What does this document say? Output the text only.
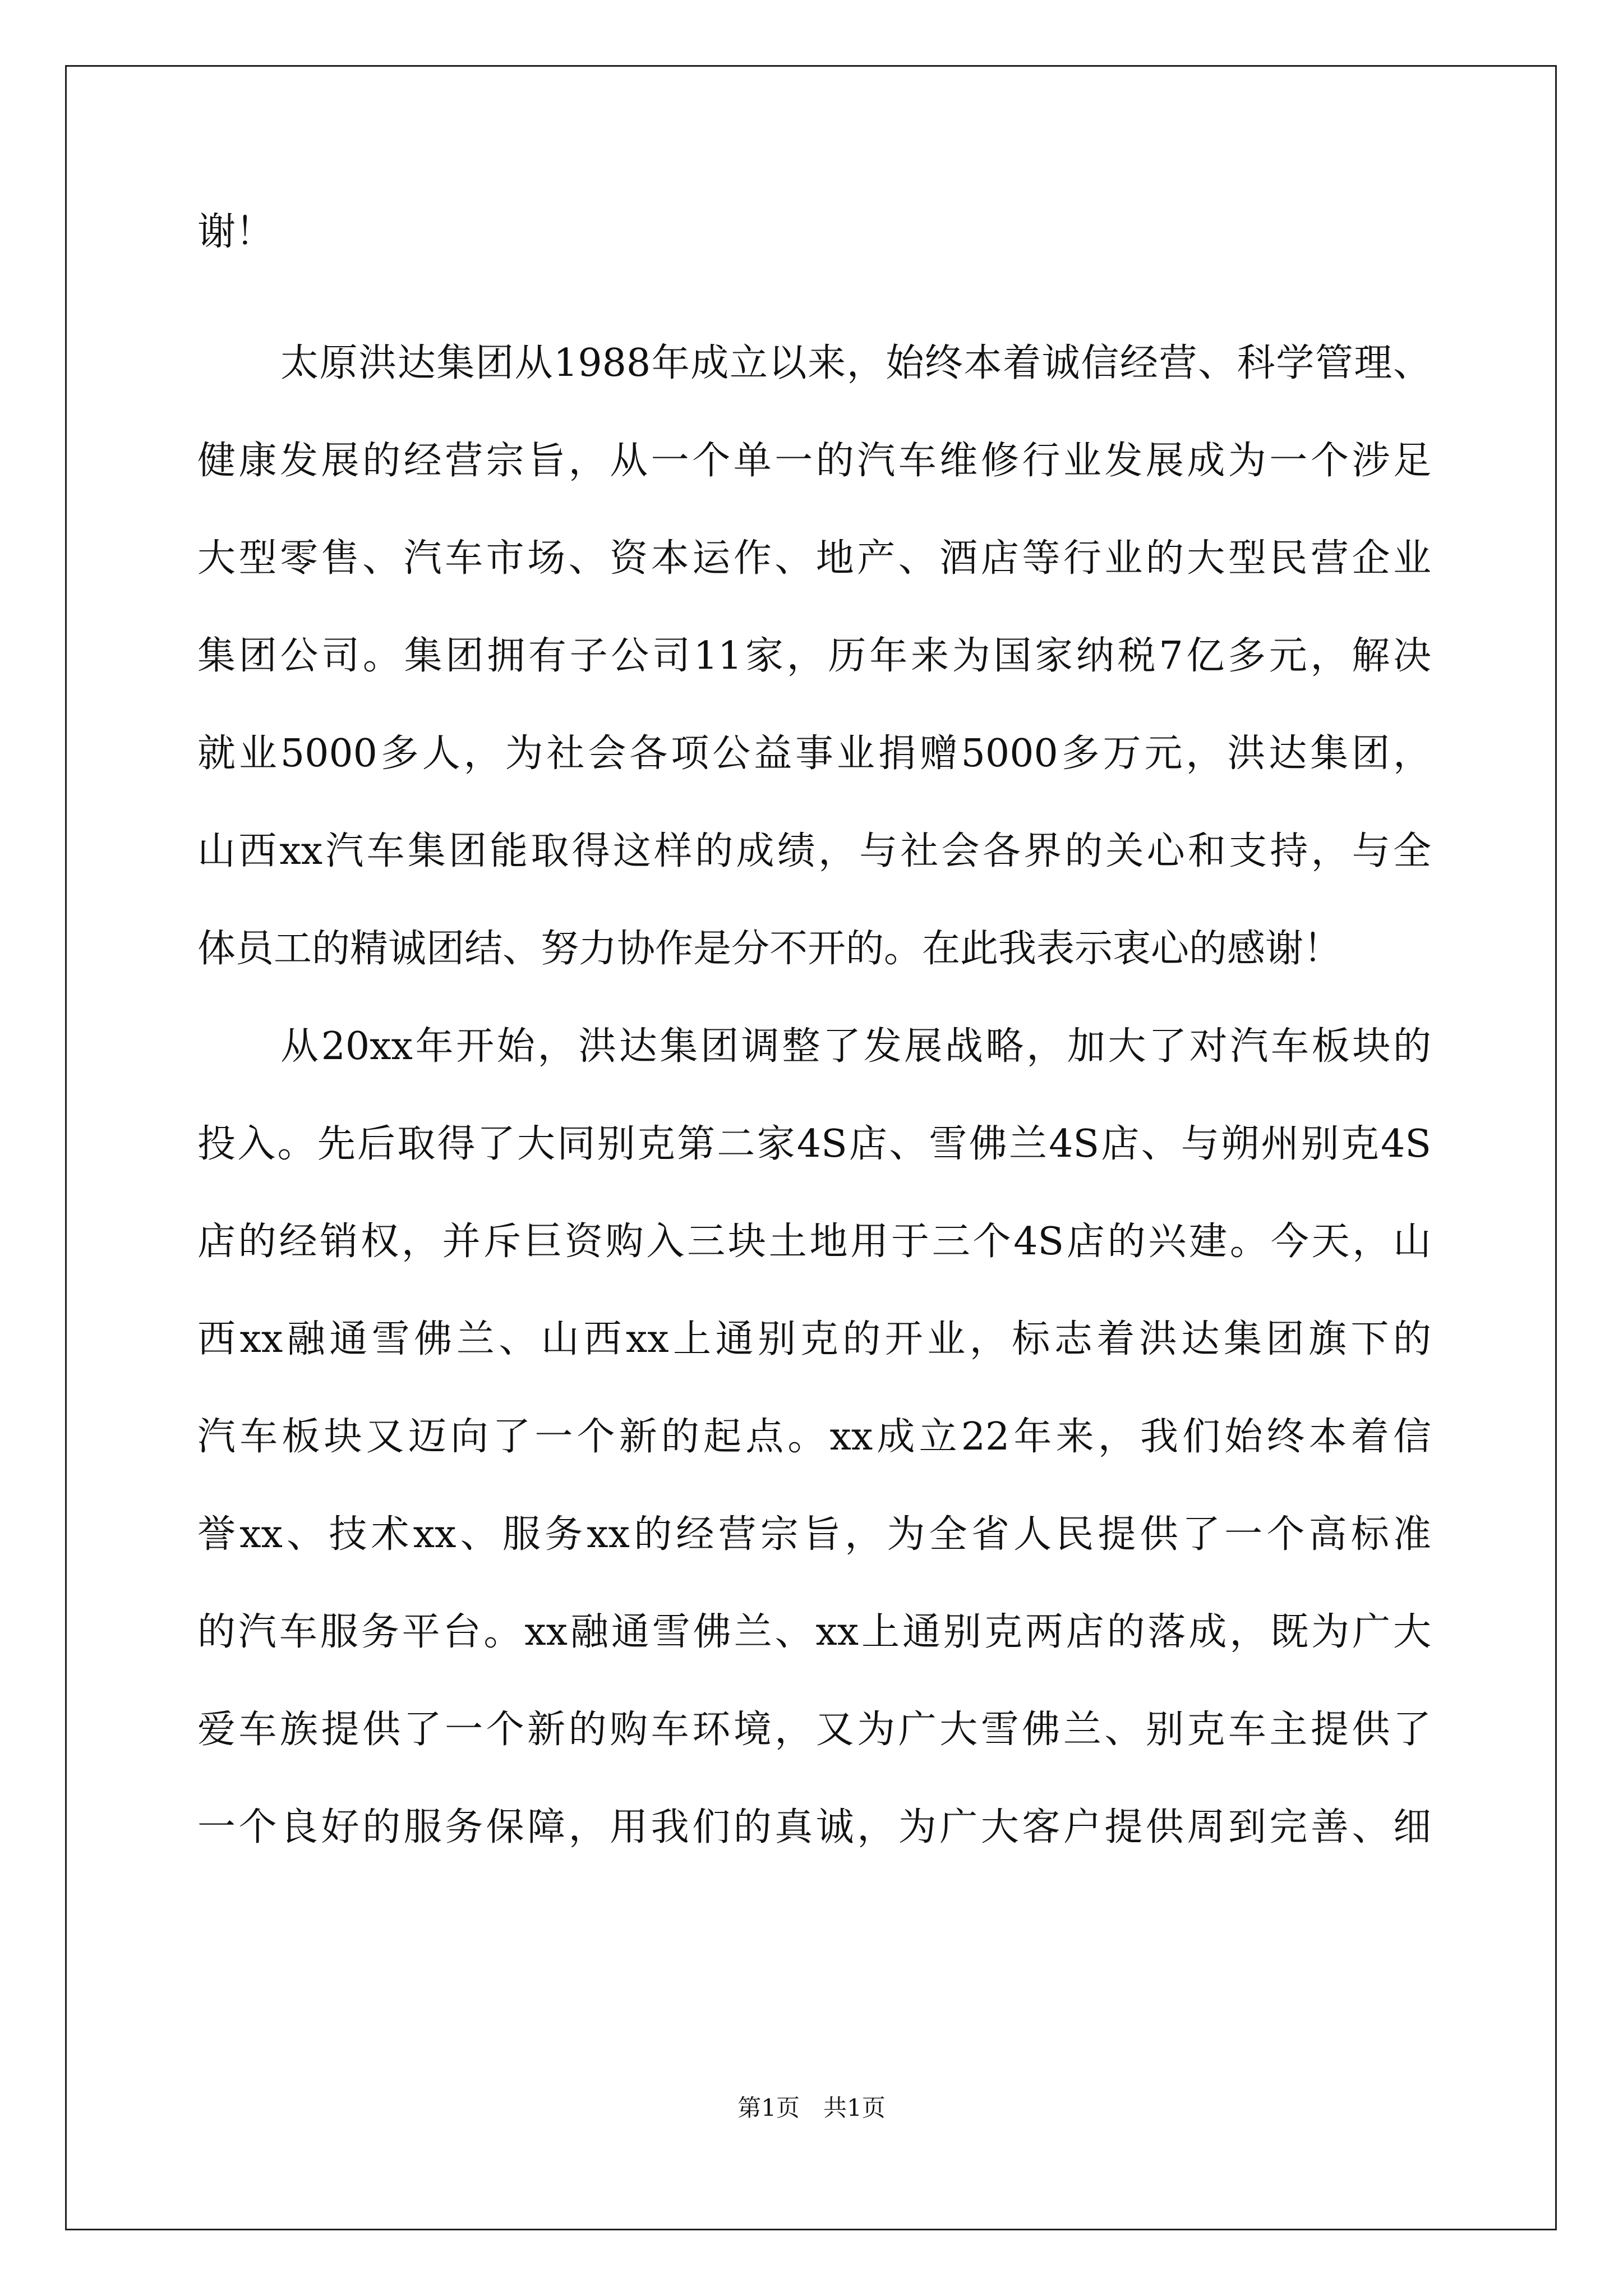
谢！

太原洪达集团从1988年成立以来，始终本着诚信经营、科学管理、

健康发展的经营宗旨，从一个单一的汽车维修行业发展成为一个涉足

大型零售、汽车市场、资本运作、地产、酒店等行业的大型民营企业

集团公司。集团拥有子公司11家，历年来为国家纳税7亿多元，解决

就业5000多人，为社会各项公益事业捐赠5000多万元，洪达集团，

山西xx汽车集团能取得这样的成绩，与社会各界的关心和支持，与全

体员工的精诚团结、努力协作是分不开的。在此我表示衷心的感谢！

从20xx年开始，洪达集团调整了发展战略，加大了对汽车板块的

投入。先后取得了大同别克第二家4S店、雪佛兰4S店、与朔州别克4S

店的经销权，并斥巨资购入三块土地用于三个4S店的兴建。今天，山

西xx融通雪佛兰、山西xx上通别克的开业，标志着洪达集团旗下的

汽车板块又迈向了一个新的起点。xx成立22年来，我们始终本着信

誉xx、技术xx、服务xx的经营宗旨，为全省人民提供了一个高标准

的汽车服务平台。xx融通雪佛兰、xx上通别克两店的落成，既为广大

爱车族提供了一个新的购车环境，又为广大雪佛兰、别克车主提供了

一个良好的服务保障，用我们的真诚，为广大客户提供周到完善、细

第1页　共1页
